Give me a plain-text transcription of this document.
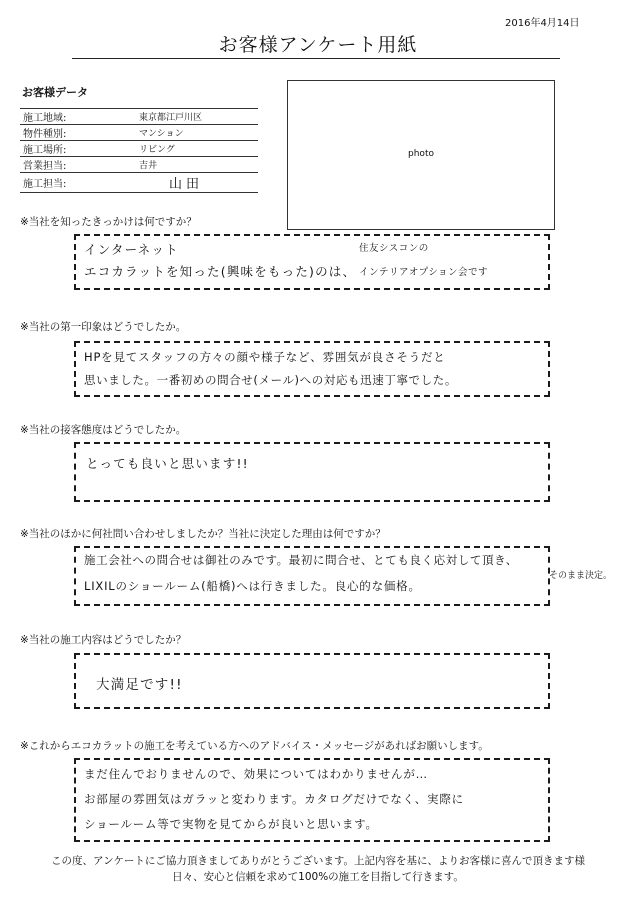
2016年4月14日
お客様アンケート用紙
お客様データ
施工地域:	東京都江戸川区
物件種別:	マンション
施工場所:	リビング
営業担当:	吉井
施工担当:	山田
photo
※当社を知ったきっかけは何ですか？
インターネット
エコカラットを知った(興味をもった)のは、
住友シスコンの
インテリアオプション会です
※当社の第一印象はどうでしたか。
HPを見てスタッフの方々の顔や様子など、雰囲気が良さそうだと
思いました。一番初めの問合せ(メール)への対応も迅速丁寧でした。
※当社の接客態度はどうでしたか。
とっても良いと思います!!
※当社のほかに何社問い合わせしましたか？当社に決定した理由は何ですか？
施工会社への問合せは御社のみです。最初に問合せ、とても良く応対して頂き、
LIXILのショールーム(船橋)へは行きました。良心的な価格。
そのまま決定。
※当社の施工内容はどうでしたか？
大満足です!!
※これからエコカラットの施工を考えている方へのアドバイス・メッセージがあればお願いします。
まだ住んでおりませんので、効果についてはわかりませんが…
お部屋の雰囲気はガラッと変わります。カタログだけでなく、実際に
ショールーム等で実物を見てからが良いと思います。
この度、アンケートにご協力頂きましてありがとうございます。上記内容を基に、よりお客様に喜んで頂きます様
日々、安心と信頼を求めて100%の施工を目指して行きます。
